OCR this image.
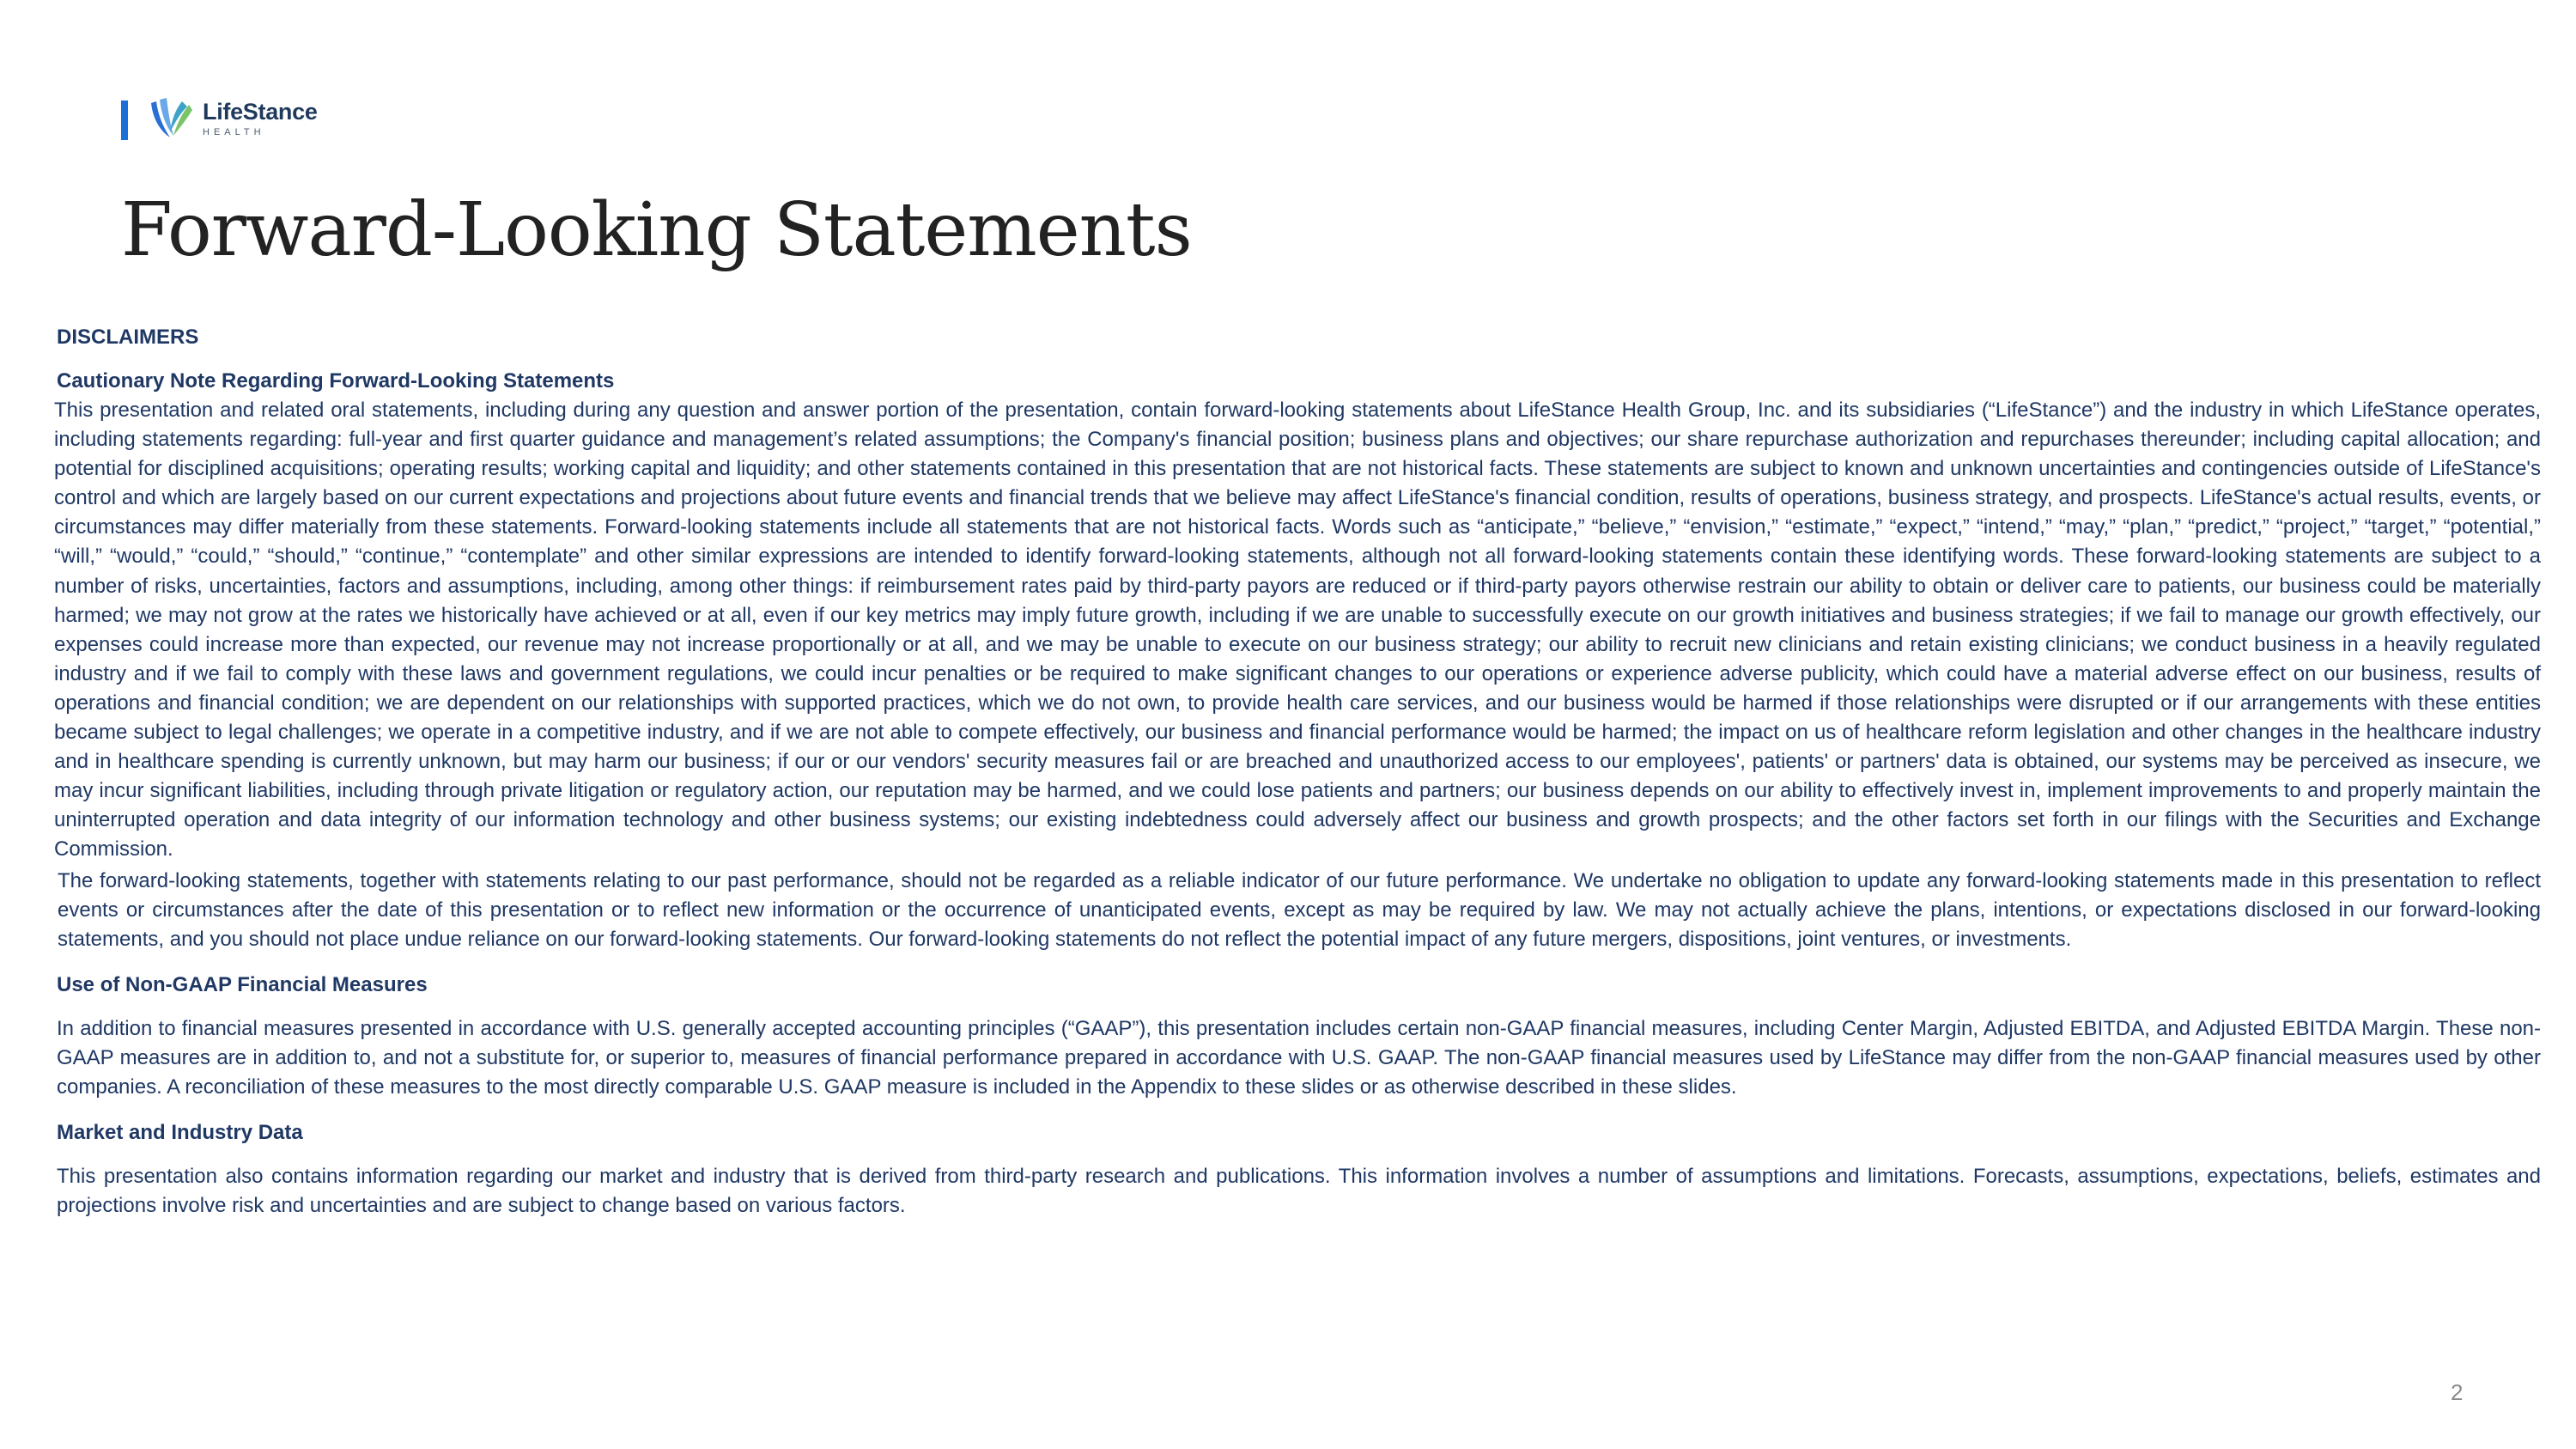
LifeStance
HEALTH
Forward-Looking Statements
DISCLAIMERS
Cautionary Note Regarding Forward-Looking Statements

This presentation and related oral statements, including during any question and answer portion of the presentation, contain forward-looking statements about LifeStance Health Group, Inc. and its subsidiaries (“LifeStance”) and the industry in which LifeStance operates, including statements regarding: full-year and first quarter guidance and management’s related assumptions; the Company's financial position; business plans and objectives; our share repurchase authorization and repurchases thereunder; including capital allocation; and potential for disciplined acquisitions; operating results; working capital and liquidity; and other statements contained in this presentation that are not historical facts. These statements are subject to known and unknown uncertainties and contingencies outside of LifeStance's control and which are largely based on our current expectations and projections about future events and financial trends that we believe may affect LifeStance's financial condition, results of operations, business strategy, and prospects. LifeStance's actual results, events, or circumstances may differ materially from these statements. Forward-looking statements include all statements that are not historical facts. Words such as “anticipate,” “believe,” “envision,” “estimate,” “expect,” “intend,” “may,” “plan,” “predict,” “project,” “target,” “potential,” “will,” “would,” “could,” “should,” “continue,” “contemplate” and other similar expressions are intended to identify forward-looking statements, although not all forward-looking statements contain these identifying words. These forward-looking statements are subject to a number of risks, uncertainties, factors and assumptions, including, among other things: if reimbursement rates paid by third-party payors are reduced or if third-party payors otherwise restrain our ability to obtain or deliver care to patients, our business could be materially harmed; we may not grow at the rates we historically have achieved or at all, even if our key metrics may imply future growth, including if we are unable to successfully execute on our growth initiatives and business strategies; if we fail to manage our growth effectively, our expenses could increase more than expected, our revenue may not increase proportionally or at all, and we may be unable to execute on our business strategy; our ability to recruit new clinicians and retain existing clinicians; we conduct business in a heavily regulated industry and if we fail to comply with these laws and government regulations, we could incur penalties or be required to make significant changes to our operations or experience adverse publicity, which could have a material adverse effect on our business, results of operations and financial condition; we are dependent on our relationships with supported practices, which we do not own, to provide health care services, and our business would be harmed if those relationships were disrupted or if our arrangements with these entities became subject to legal challenges; we operate in a competitive industry, and if we are not able to compete effectively, our business and financial performance would be harmed; the impact on us of healthcare reform legislation and other changes in the healthcare industry and in healthcare spending is currently unknown, but may harm our business; if our or our vendors' security measures fail or are breached and unauthorized access to our employees', patients' or partners' data is obtained, our systems may be perceived as insecure, we may incur significant liabilities, including through private litigation or regulatory action, our reputation may be harmed, and we could lose patients and partners; our business depends on our ability to effectively invest in, implement improvements to and properly maintain the uninterrupted operation and data integrity of our information technology and other business systems; our existing indebtedness could adversely affect our business and growth prospects; and the other factors set forth in our filings with the Securities and Exchange Commission.

The forward-looking statements, together with statements relating to our past performance, should not be regarded as a reliable indicator of our future performance. We undertake no obligation to update any forward-looking statements made in this presentation to reflect events or circumstances after the date of this presentation or to reflect new information or the occurrence of unanticipated events, except as may be required by law. We may not actually achieve the plans, intentions, or expectations disclosed in our forward-looking statements, and you should not place undue reliance on our forward-looking statements. Our forward-looking statements do not reflect the potential impact of any future mergers, dispositions, joint ventures, or investments.

Use of Non-GAAP Financial Measures

In addition to financial measures presented in accordance with U.S. generally accepted accounting principles (“GAAP”), this presentation includes certain non-GAAP financial measures, including Center Margin, Adjusted EBITDA, and Adjusted EBITDA Margin. These non-GAAP measures are in addition to, and not a substitute for, or superior to, measures of financial performance prepared in accordance with U.S. GAAP. The non-GAAP financial measures used by LifeStance may differ from the non-GAAP financial measures used by other companies. A reconciliation of these measures to the most directly comparable U.S. GAAP measure is included in the Appendix to these slides or as otherwise described in these slides.

Market and Industry Data

This presentation also contains information regarding our market and industry that is derived from third-party research and publications. This information involves a number of assumptions and limitations. Forecasts, assumptions, expectations, beliefs, estimates and projections involve risk and uncertainties and are subject to change based on various factors.

2
